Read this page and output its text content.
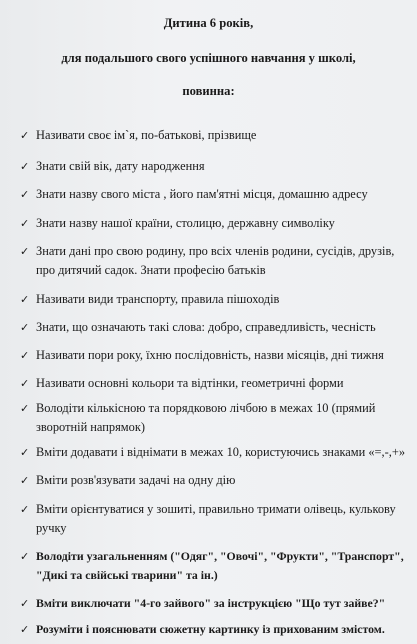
Дитина 6 років,
для подальшого свого успішного навчання у школі,
повинна:
✓ Називати своє ім`я, по-батькові, прізвище
✓ Знати свій вік, дату народження
✓ Знати назву свого міста , його пам'ятні місця, домашню адресу
✓ Знати назву нашої країни, столицю, державну символіку
✓ Знати дані про свою родину, про всіх членів родини, сусідів, друзів, про дитячий садок. Знати професію батьків
✓ Називати види транспорту, правила пішоходів
✓ Знати, що означають такі слова: добро, справедливість, чесність
✓ Називати пори року, їхню послідовність, назви місяців, дні тижня
✓ Називати основні кольори та відтінки, геометричні форми
✓ Володіти кількісною та порядковою лічбою в межах 10 (прямий зворотній напрямок)
✓ Вміти додавати і віднімати в межах 10, користуючись знаками «=,-,+»
✓ Вміти розв'язувати задачі на одну дію
✓ Вміти орієнтуватися у зошиті, правильно тримати олівець, кулькову ручку
✓ Володіти узагальненням ("Одяг", "Овочі", "Фрукти", "Транспорт", "Дикі та свійські тварини" та ін.)
✓ Вміти виключати "4-го зайвого" за інструкцією "Що тут зайве?"
✓ Розуміти і пояснювати сюжетну картинку із прихованим змістом.
